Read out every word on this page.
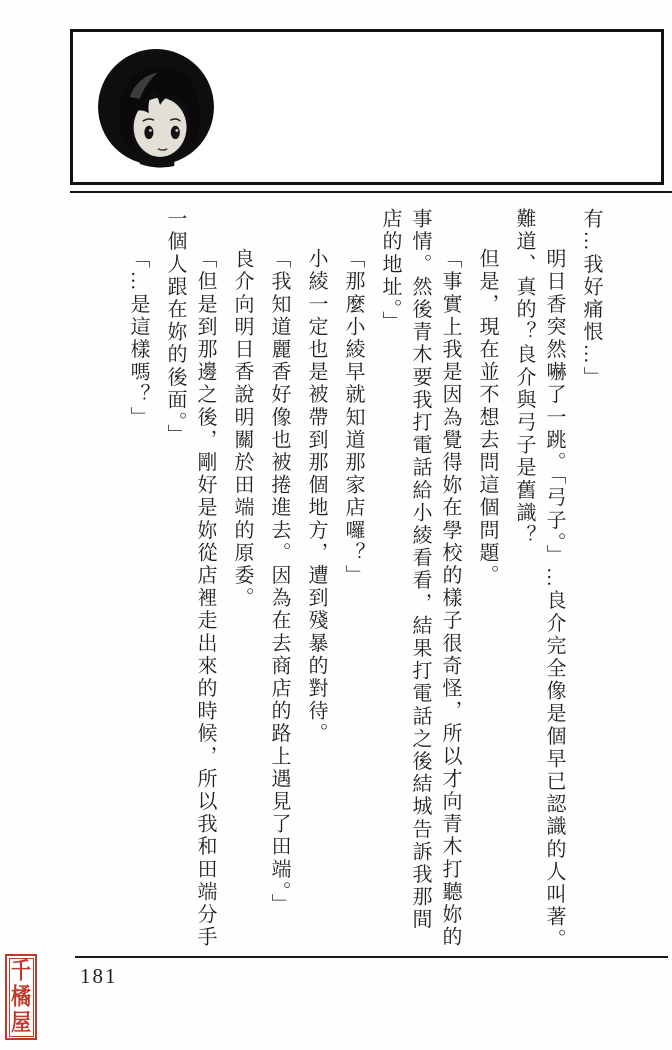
有…我好痛恨…」

明日香突然嚇了一跳。「弓子。」…良介完全像是個早已認識的人叫著。難道、真的？良介與弓子是舊識？

但是，現在並不想去問這個問題。

「事實上我是因為覺得妳在學校的樣子很奇怪，所以才向青木打聽妳的事情。然後青木要我打電話給小綾看看，結果打電話之後結城告訴我那間店的地址。」

「那麼小綾早就知道那家店囉？」

小綾一定也是被帶到那個地方，遭到殘暴的對待。

「我知道麗香好像也被捲進去。因為在去商店的路上遇見了田端。」

良介向明日香說明關於田端的原委。

「但是到那邊之後，剛好是妳從店裡走出來的時候，所以我和田端分手一個人跟在妳的後面。」

「…是這樣嗎？」

181
千
橘
屋
